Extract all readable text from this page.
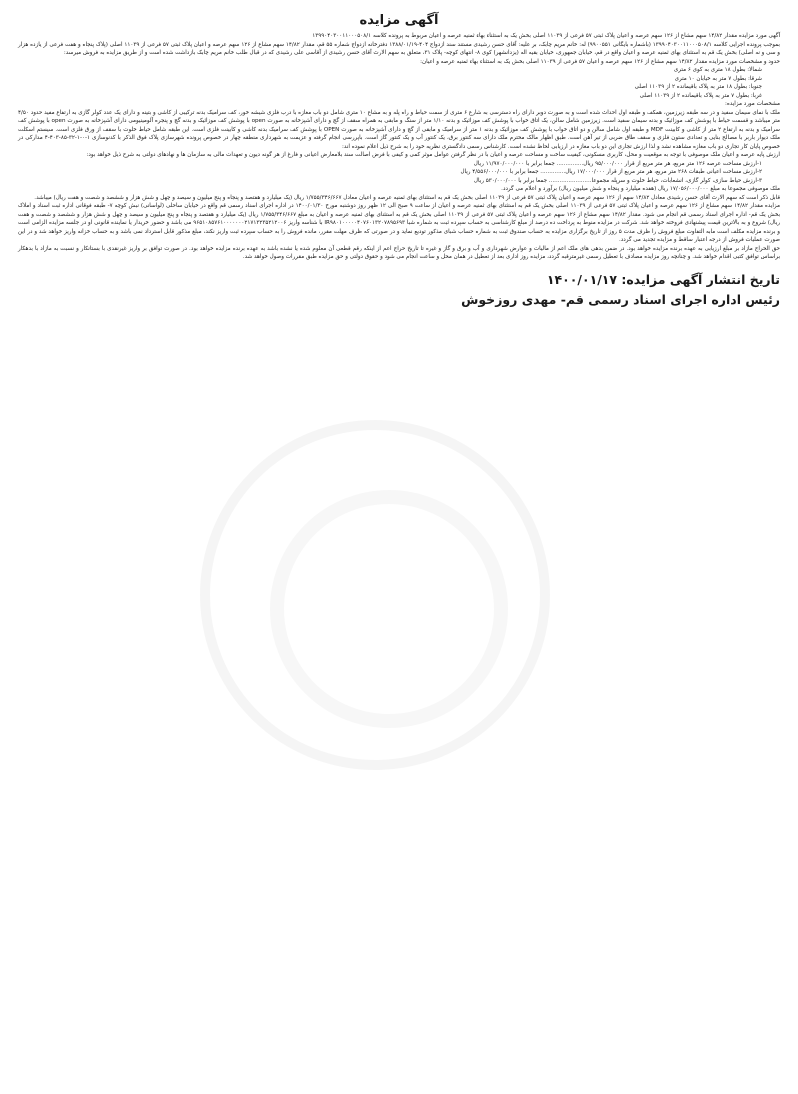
آگهی مزایده

آگهی مورد مزایده مقدار ۱۴/۸۲ سهم مشاع از ۱۲۶ سهم عرصه و اعیان پلاک ثبتی ۵۷ فرعی از ۱۱۰۳۹ اصلی بخش یک به استثناء بهاء ثمنیه عرصه و اعیان مربوط به پرونده کلاسه ۱۳۹۹۰۴۰۳۰۰۱۱۰۰۰۵۰۸/۱

بموجب پرونده اجرایی کلاسه ۱۳۹۹۰۴۰۳۰۰۱۱۰۰۰۵۰۸/۱ (باشماره بایگانی ۹۹۰۰۵۵۱) له: خانم مریم چابک، بر علیه: آقای حسن رشیدی مستند سند ازدواج ۴۰۴-۱۳۸۸/۰۱/۱۹ دفترخانه ازدواج شماره ۵۵ قم، مقدار ۱۴/۸۲ سهم مشاع از ۱۲۶ سهم عرصه و اعیان پلاک ثبتی ۵۷ فرعی از ۱۱۰۳۹ اصلی (پلاک پنجاه و هفت فرعی از یازده هزار و سی و نه اصلی) بخش یک قم به استثنای بهای ثمنیه عرصه و اعیان واقع در قم، خیابان جمهوری، خیابان بقیه اله (یزدانشهر) کوی ۸- انتهای کوچه- پلاک ۳۱، متعلق به سهم الارث آقای حسن رشیدی از آقاسی علی رشیدی که در قبال طلب خانم مریم چابک بازداشت شده است و از طریق مزایده به فروش میرسد:

حدود و مشخصات مورد مزایده مقدار ۱۴/۸۲ سهم مشاع از ۱۲۶ سهم عرصه و اعیان ۵۷ فرعی از ۱۱۰۳۹ اصلی بخش یک به استثناء بهاء ثمنیه عرصه و اعیان:

شمالا: بطول ۱۸ متری به کوی ۶ متری

شرقا: بطول ۷ متر به خیابان ۱۰ متری

جنوبا: بطول ۱۸ متر به پلاک باقیمانده ۲ از ۱۱۰۳۹ اصلی

غربا: بطول ۷ متر به پلاک باقیمانده ۲ از ۱۱۰۳۹ اصلی

مشخصات مورد مزایده:

ملک با نمای سیمان سفید و در سه طبقه زیرزمین، همکف و طبقه اول احداث شده است و به صورت دوبر دارای راه دسترسی به شارع ۶ متری از سمت حیاط و راه پله و به مشاع ۱۰ متری شامل دو باب مغازه با درب فلزی شیشه خور، کف سرامیک بدنه ترکیبی از کاشی و بتینه و دارای یک عدد کولر گازی به ارتفاع مفید حدود ۴/۵۰ متر میباشد و قسمت حیاط با پوشش کف موزائیک و بدنه سیمان سفید است. زیرزمین شامل سالن، یک اتاق خواب با پوشش کف موزائیک و بدنه ۱/۱۰ متر از سنگ و مابقی به همراه سقف از گچ و دارای آشپزخانه به صورت open با پوشش کف موزائیک و بدنه گچ و پنجره آلومینیومی دارای آشپزخانه به صورت open با پوشش کف سرامیک و بدنه به ارتفاع ۲ متر از کاشی و کابینت MDF و طبقه اول شامل سالن و دو اتاق خواب با پوشش کف موزائیک و بدنه ۱ متر از سرامیک و مابقی از گچ و دارای آشپزخانه به صورت OPEN با پوشش کف سرامیک بدنه کاشی و کابینت فلزی است. این طبقه شامل حیاط خلوت با سقف از ورق فلزی است. سیستم اسکلت ملک دیوار باربر با مصالح بنایی و تعدادی ستون فلزی و سقف طاق ضربی از تیر آهن است. طبق اظهار مالک محترم ملک دارای سه کنتور برق، یک کنتور آب و یک کنتور گاز است. باپررسی انجام گرفته و عزیمت به شهرداری منطقه چهار در خصوص پرونده شهرسازی پلاک فوق الذکر با کدنوسازی ۱-۰-۱-۳۲-۸۵-۴۰۳-۴ مدارکی در خصوص پایان کار تجاری دو باب مغازه مشاهده نشد و لذا ارزش تجاری این دو باب مغازه در ارزیابی لحاظ نشده است. کارشناس رسمی دادگستری نظریه خود را به شرح ذیل اعلام نموده اند:

ارزش پایه عرصه و اعیان ملک موصوفی با توجه به موقعیت و محل، کاربری مسکونی، کیفیت ساخت و مساحت عرصه و اعیان با در نظر گرفتن عوامل موثر کمی و کیفی با فرض اصالت سند بلامعارض اعیانی و فارغ از هر گونه دیون و تعهدات مالی به سازمان ها و نهادهای دولتی به شرح ذیل خواهد بود:

۱-ارزش مساحت عرصه ۱۲۶ متر مربع، هر متر مربع از قرار ۹۵/۰۰۰/۰۰۰ ریال............... جمعا برابر با ۱۱/۹۷۰/۰۰۰/۰۰۰ ریال

۲-ارزش مساحت اعیانی طبقات ۲۶۸ متر مربع، هر متر مربع از قرار ۱۷/۰۰۰/۰۰۰ ریال.............. جمعا برابر با ۴/۵۵۶/۰۰۰/۰۰۰ ریال

۳-ارزش حیاط سازی، کولر گازی، انشعابات، حیاط خلوت و سرپله مجموعا........................ جمعا برابر با ۵۳۰/۰۰۰/۰۰۰ ریال

ملک موصوفی مجموعا به مبلغ ۱۷/۰۵۶/۰۰۰/۰۰۰ ریال (هفده میلیارد و پنجاه و شش میلیون ریال) برآورد و اعلام می گردد.

قابل ذکر است که سهم الارث آقای حسن رشیدی معادل ۱۴/۸۲ سهم از ۱۲۶ سهم عرصه و اعیان پلاک ثبتی ۵۷ فرعی از ۱۱۰۳۹ اصلی بخش یک قم به استثنای بهای ثمنیه عرصه و اعیان معادل ۱/۷۵۵/۳۴۶/۶۶۷ ریال (یک میلیارد و هفتصد و پنجاه و پنج میلیون و سیصد و چهل و شش هزار و ششصد و شصت و هفت ریال) میباشد.

مزایده مقدار ۱۴/۸۲ سهم مشاع از ۱۲۶ سهم عرصه و اعیان پلاک ثبتی ۵۷ فرعی از ۱۱۰۳۹ اصلی بخش یک قم به استثنای بهای ثمنیه عرصه و اعیان از ساعت ۹ صبح الی ۱۲ ظهر روز دوشنبه مورخ ۱۴۰۰/۰۱/۳۰ در اداره اجرای اسناد رسمی قم واقع در خیابان ساحلی (لواسانی) نبش کوچه ۷- طبقه فوقانی اداره ثبت اسناد و املاک بخش یک قم- اداره اجرای اسناد رسمی قم انجام می شود. مقدار ۱۴/۸۲ سهم مشاع از ۱۲۶ سهم عرصه و اعیان پلاک ثبتی ۵۷ فرعی از ۱۱۰۳۹ اصلی بخش یک قم به استثنای بهای ثمنیه عرصه و اعیان به مبلغ ۱/۷۵۵/۳۴۶/۶۶۷ ریال (یک میلیارد و هفتصد و پنجاه و پنج میلیون و سیصد و چهل و شش هزار و ششصد و شصت و هفت ریال) شروع و به بالاترین قیمت پیشنهادی فروخته خواهد شد. شرکت در مزایده منوط به پرداخت ده درصد از مبلغ کارشناسی به حساب سپرده ثبت به شماره شبا IR۹۸۰۱۰۰۰۰۰۴۰۷۶۰۱۳۲۰۷۸۹۵۶۹۳ با شناسه واریز ۹۶۵۱۰۸۵۷۶۱۰۰۰۰۰۰۰۲۱۷۱۳۲۳۵۲۱۲۰۰۶ می باشد و حضور خریدار یا نماینده قانونی او در جلسه مزایده الزامی است و برنده مزایده مکلف است مابه التفاوت مبلغ فروش را ظرف مدت ۵ روز از تاریخ برگزاری مزایده به حساب صندوق ثبت به شماره حساب شبای مذکور تودیع نماید و در صورتی که ظرف مهلت مقرر، مانده فروش را به حساب سپرده ثبت واریز نکند، مبلغ مذکور قابل استرداد نمی باشد و به حساب خزانه واریز خواهد شد و در این صورت عملیات فروش از درجه اعتبار ساقط و مزایده تجدید می گردد.

حق الحراج مازاد بر مبلغ ارزیابی به عهده برنده مزایده خواهد بود. در ضمن بدهی های ملک اعم از مالیات و عوارض شهرداری و آب و برق و گاز و غیره تا تاریخ حراج اعم از اینکه رقم قطعی آن معلوم شده یا نشده باشد به عهده برنده مزایده خواهد بود. در صورت توافق بر واریز غیرنقدی با بستانکار و نسبت به مازاد با بدهکار براساس توافق کتبی اقدام خواهد شد. و چنانچه روز مزایده مصادف با تعطیل رسمی غیرمترقبه گردد، مزایده روز اداری بعد از تعطیل در همان محل و ساعت انجام می شود و حقوق دولتی و حق مزایده طبق مقررات وصول خواهد شد.

تاریخ انتشار آگهی مزایده: ۱۴۰۰/۰۱/۱۷
رئیس اداره اجرای اسناد رسمی قم- مهدی روزخوش
